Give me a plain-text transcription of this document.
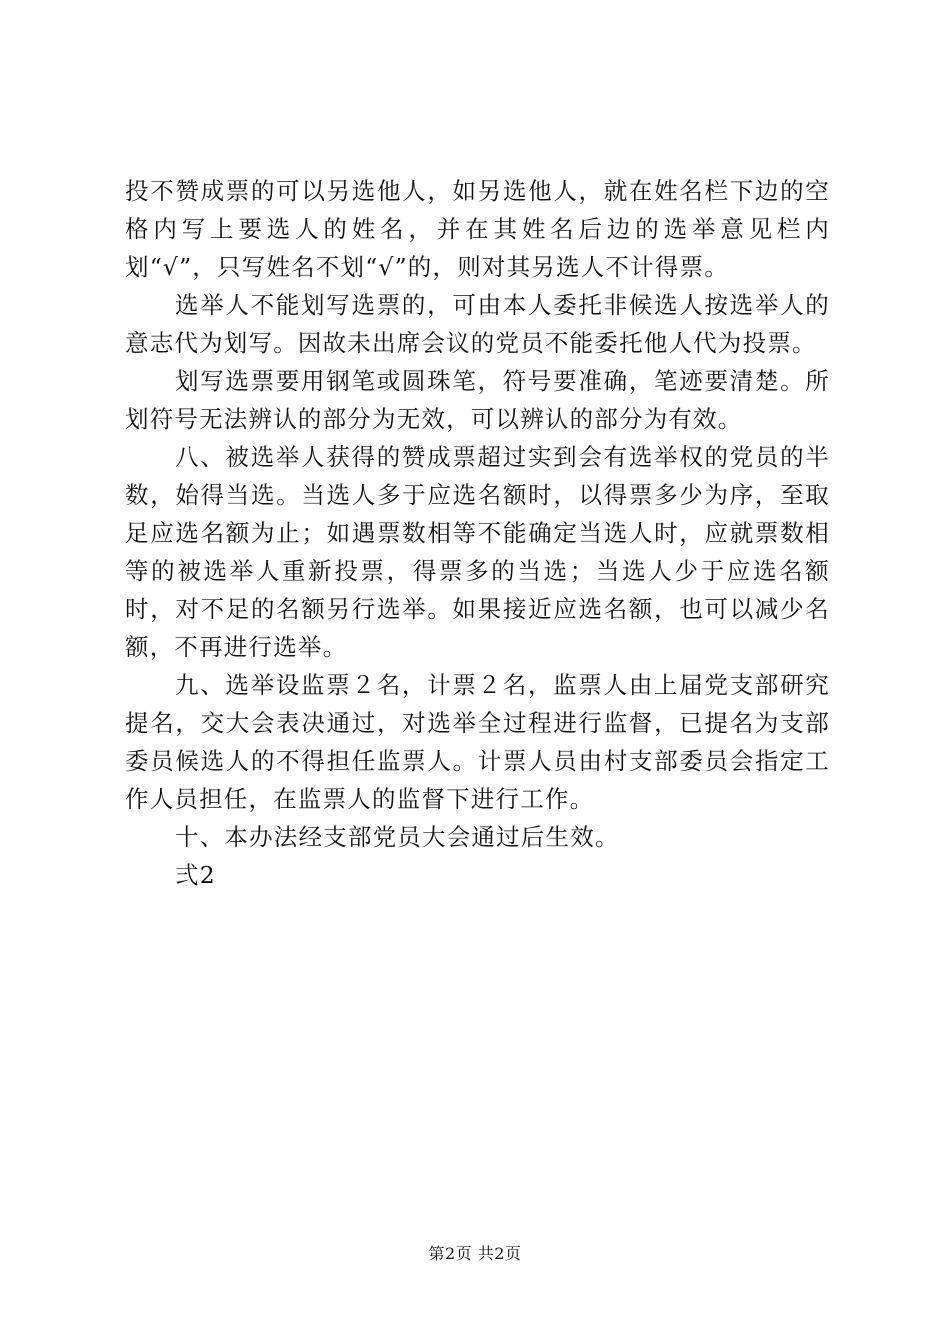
投不赞成票的可以另选他人，如另选他人，就在姓名栏下边的空格内写上要选人的姓名，并在其姓名后边的选举意见栏内划“√”，只写姓名不划“√”的，则对其另选人不计得票。

选举人不能划写选票的，可由本人委托非候选人按选举人的意志代为划写。因故未出席会议的党员不能委托他人代为投票。

划写选票要用钢笔或圆珠笔，符号要准确，笔迹要清楚。所划符号无法辨认的部分为无效，可以辨认的部分为有效。

八、被选举人获得的赞成票超过实到会有选举权的党员的半数，始得当选。当选人多于应选名额时，以得票多少为序，至取足应选名额为止；如遇票数相等不能确定当选人时，应就票数相等的被选举人重新投票，得票多的当选；当选人少于应选名额时，对不足的名额另行选举。如果接近应选名额，也可以减少名额，不再进行选举。

九、选举设监票２名，计票２名，监票人由上届党支部研究提名，交大会表决通过，对选举全过程进行监督，已提名为支部委员候选人的不得担任监票人。计票人员由村支部委员会指定工作人员担任，在监票人的监督下进行工作。

十、本办法经支部党员大会通过后生效。

弍2

第2页 共2页
